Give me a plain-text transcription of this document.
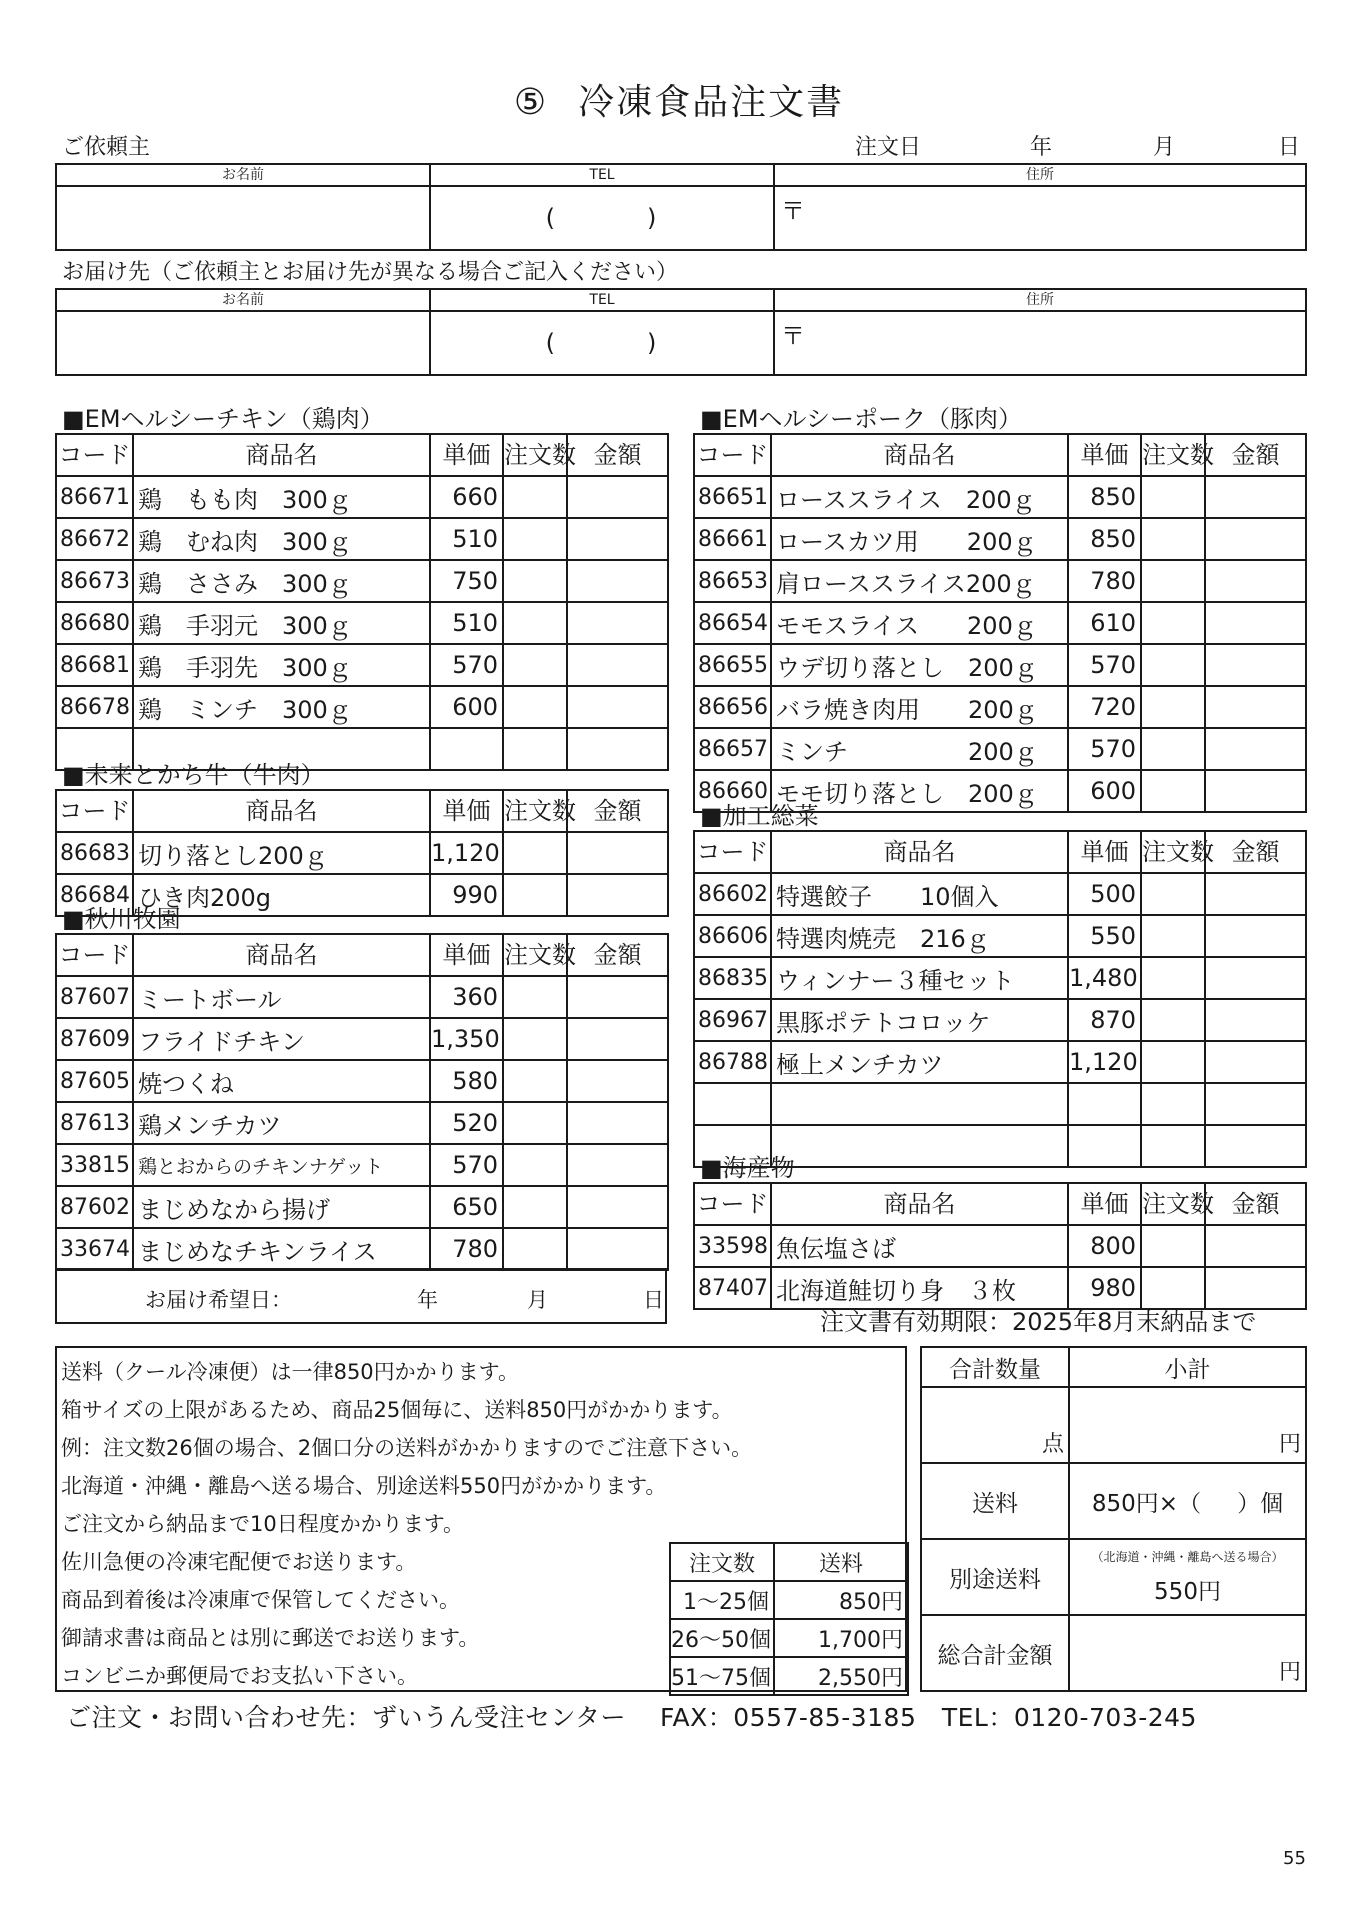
⑤ 冷凍食品注文書
ご依頼主	注文日	年	月	日
お名前	TEL	住所
	( )	〒
お届け先（ご依頼主とお届け先が異なる場合ご記入ください）
お名前	TEL	住所
	( )	〒
■EMヘルシーチキン（鶏肉）
コード	商品名	単価	注文数	金額
86671	鶏　もも肉　300ｇ	660		
86672	鶏　むね肉　300ｇ	510		
86673	鶏　ささみ　300ｇ	750		
86680	鶏　手羽元　300ｇ	510		
86681	鶏　手羽先　300ｇ	570		
86678	鶏　ミンチ　300ｇ	600		

■未来とかち牛（牛肉）
コード	商品名	単価	注文数	金額
86683	切り落とし200ｇ	1,120		
86684	ひき肉200g	990		
■秋川牧園
コード	商品名	単価	注文数	金額
87607	ミートボール	360		
87609	フライドチキン	1,350		
87605	焼つくね	580		
87613	鶏メンチカツ	520		
33815	鶏とおからのチキンナゲット	570		
87602	まじめなから揚げ	650		
33674	まじめなチキンライス	780		
■EMヘルシーポーク（豚肉）
コード	商品名	単価	注文数	金額
86651	ローススライス　200ｇ	850		
86661	ロースカツ用　　200ｇ	850		
86653	肩ローススライス200ｇ	780		
86654	モモスライス　　200ｇ	610		
86655	ウデ切り落とし　200ｇ	570		
86656	バラ焼き肉用　　200ｇ	720		
86657	ミンチ　　　　　200ｇ	570		
86660	モモ切り落とし　200ｇ	600		
■加工総菜
コード	商品名	単価	注文数	金額
86602	特選餃子　　10個入	500		
86606	特選肉焼売　216ｇ	550		
86835	ウィンナー３種セット	1,480		
86967	黒豚ポテトコロッケ	870		
86788	極上メンチカツ	1,120		

■海産物
コード	商品名	単価	注文数	金額
33598	魚伝塩さば	800		
87407	北海道鮭切り身　３枚	980		
お届け希望日：	年	月	日
注文書有効期限：2025年8月末納品まで
送料（クール冷凍便）は一律850円かかります。
箱サイズの上限があるため、商品25個毎に、送料850円がかかります。
例：注文数26個の場合、2個口分の送料がかかりますのでご注意下さい。
北海道・沖縄・離島へ送る場合、別途送料550円がかかります。
ご注文から納品まで10日程度かかります。
佐川急便の冷凍宅配便でお送ります。
商品到着後は冷凍庫で保管してください。
御請求書は商品とは別に郵送でお送ります。
コンビニか郵便局でお支払い下さい。
注文数	送料
1〜25個	850円
26〜50個	1,700円
51〜75個	2,550円
合計数量	小計
点	円
送料	850円×（ ）個
別途送料	（北海道・沖縄・離島へ送る場合）
550円

総合計金額	円
ご注文・お問い合わせ先：ずいうん受注センター　 FAX：0557-85-3185　TEL：0120-703-245
55
